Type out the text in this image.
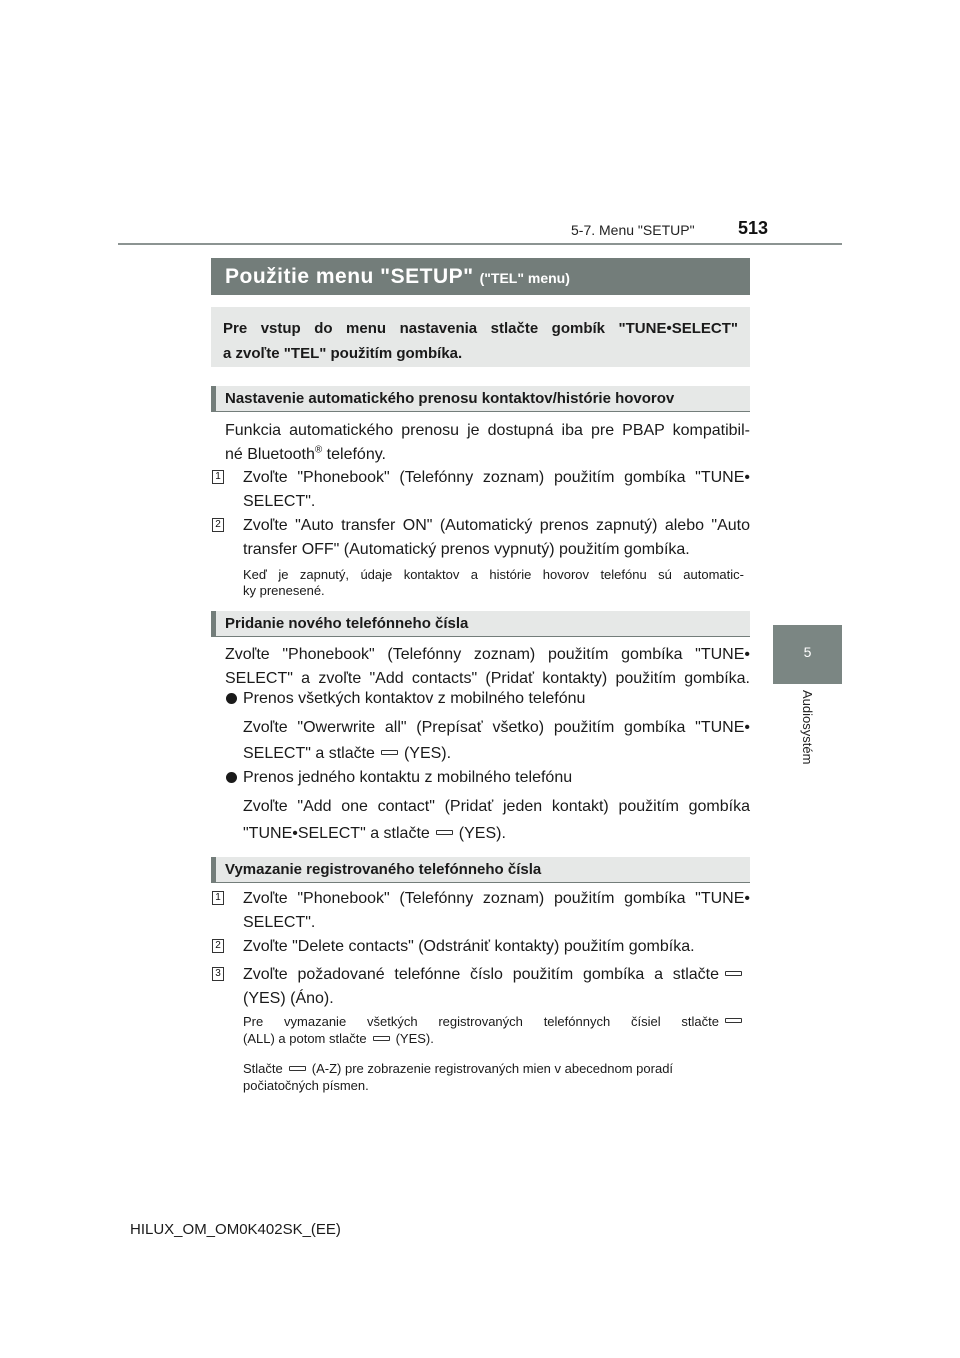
5-7. Menu "SETUP" 513
5
Audiosystém
Použitie menu "SETUP" ("TEL" menu)
Pre vstup do menu nastavenia stlačte gombík "TUNE•SELECT"
a zvoľte "TEL" použitím gombíka.
Nastavenie automatického prenosu kontaktov/histórie hovorov
Funkcia automatického prenosu je dostupná iba pre PBAP kompatibil-
né Bluetooth® telefóny.
1 Zvoľte "Phonebook" (Telefónny zoznam) použitím gombíka "TUNE•
SELECT".
2 Zvoľte "Auto transfer ON" (Automatický prenos zapnutý) alebo "Auto
transfer OFF" (Automatický prenos vypnutý) použitím gombíka.
Keď je zapnutý, údaje kontaktov a histórie hovorov telefónu sú automatic-
ky prenesené.
Pridanie nového telefónneho čísla
Zvoľte "Phonebook" (Telefónny zoznam) použitím gombíka "TUNE•
SELECT" a zvoľte "Add contacts" (Pridať kontakty) použitím gombíka.
Prenos všetkých kontaktov z mobilného telefónu
Zvoľte "Owerwrite all" (Prepísať všetko) použitím gombíka "TUNE•
SELECT" a stlačte (YES).
Prenos jedného kontaktu z mobilného telefónu
Zvoľte "Add one contact" (Pridať jeden kontakt) použitím gombíka
"TUNE•SELECT" a stlačte (YES).
Vymazanie registrovaného telefónneho čísla
1 Zvoľte "Phonebook" (Telefónny zoznam) použitím gombíka "TUNE•
SELECT".
2 Zvoľte "Delete contacts" (Odstrániť kontakty) použitím gombíka.
3 Zvoľte požadované telefónne číslo použitím gombíka a stlačte
(YES) (Áno).
Pre vymazanie všetkých registrovaných telefónnych čísiel stlačte
(ALL) a potom stlačte (YES).
Stlačte (A-Z) pre zobrazenie registrovaných mien v abecednom poradí
počiatočných písmen.
HILUX_OM_OM0K402SK_(EE)
